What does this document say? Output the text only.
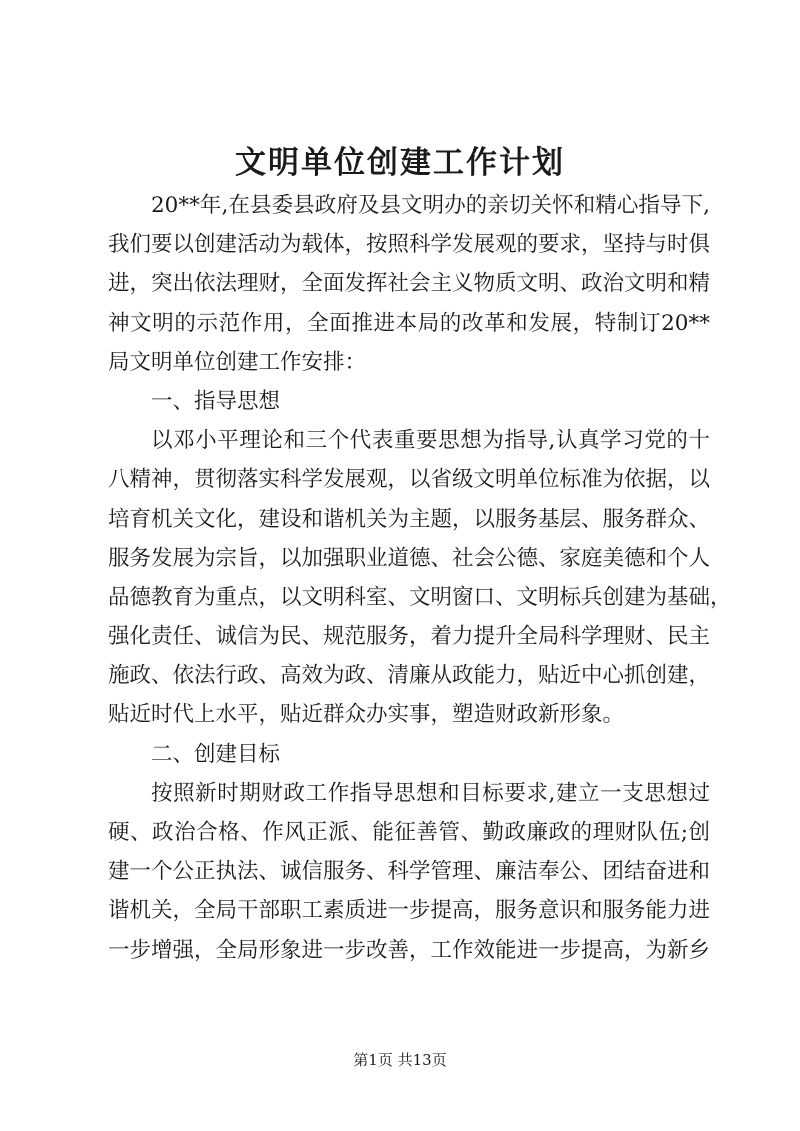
文明单位创建工作计划
20**年,在县委县政府及县文明办的亲切关怀和精心指导下,
我们要以创建活动为载体，按照科学发展观的要求，坚持与时俱
进，突出依法理财，全面发挥社会主义物质文明、政治文明和精
神文明的示范作用，全面推进本局的改革和发展，特制订20**
局文明单位创建工作安排：
一、指导思想
以邓小平理论和三个代表重要思想为指导,认真学习党的十
八精神，贯彻落实科学发展观，以省级文明单位标准为依据，以
培育机关文化，建设和谐机关为主题，以服务基层、服务群众、
服务发展为宗旨，以加强职业道德、社会公德、家庭美德和个人
品德教育为重点，以文明科室、文明窗口、文明标兵创建为基础，
强化责任、诚信为民、规范服务，着力提升全局科学理财、民主
施政、依法行政、高效为政、清廉从政能力，贴近中心抓创建，
贴近时代上水平，贴近群众办实事，塑造财政新形象。
二、创建目标
按照新时期财政工作指导思想和目标要求,建立一支思想过
硬、政治合格、作风正派、能征善管、勤政廉政的理财队伍;创
建一个公正执法、诚信服务、科学管理、廉洁奉公、团结奋进和
谐机关，全局干部职工素质进一步提高，服务意识和服务能力进
一步增强，全局形象进一步改善，工作效能进一步提高，为新乡
第1页 共13页
